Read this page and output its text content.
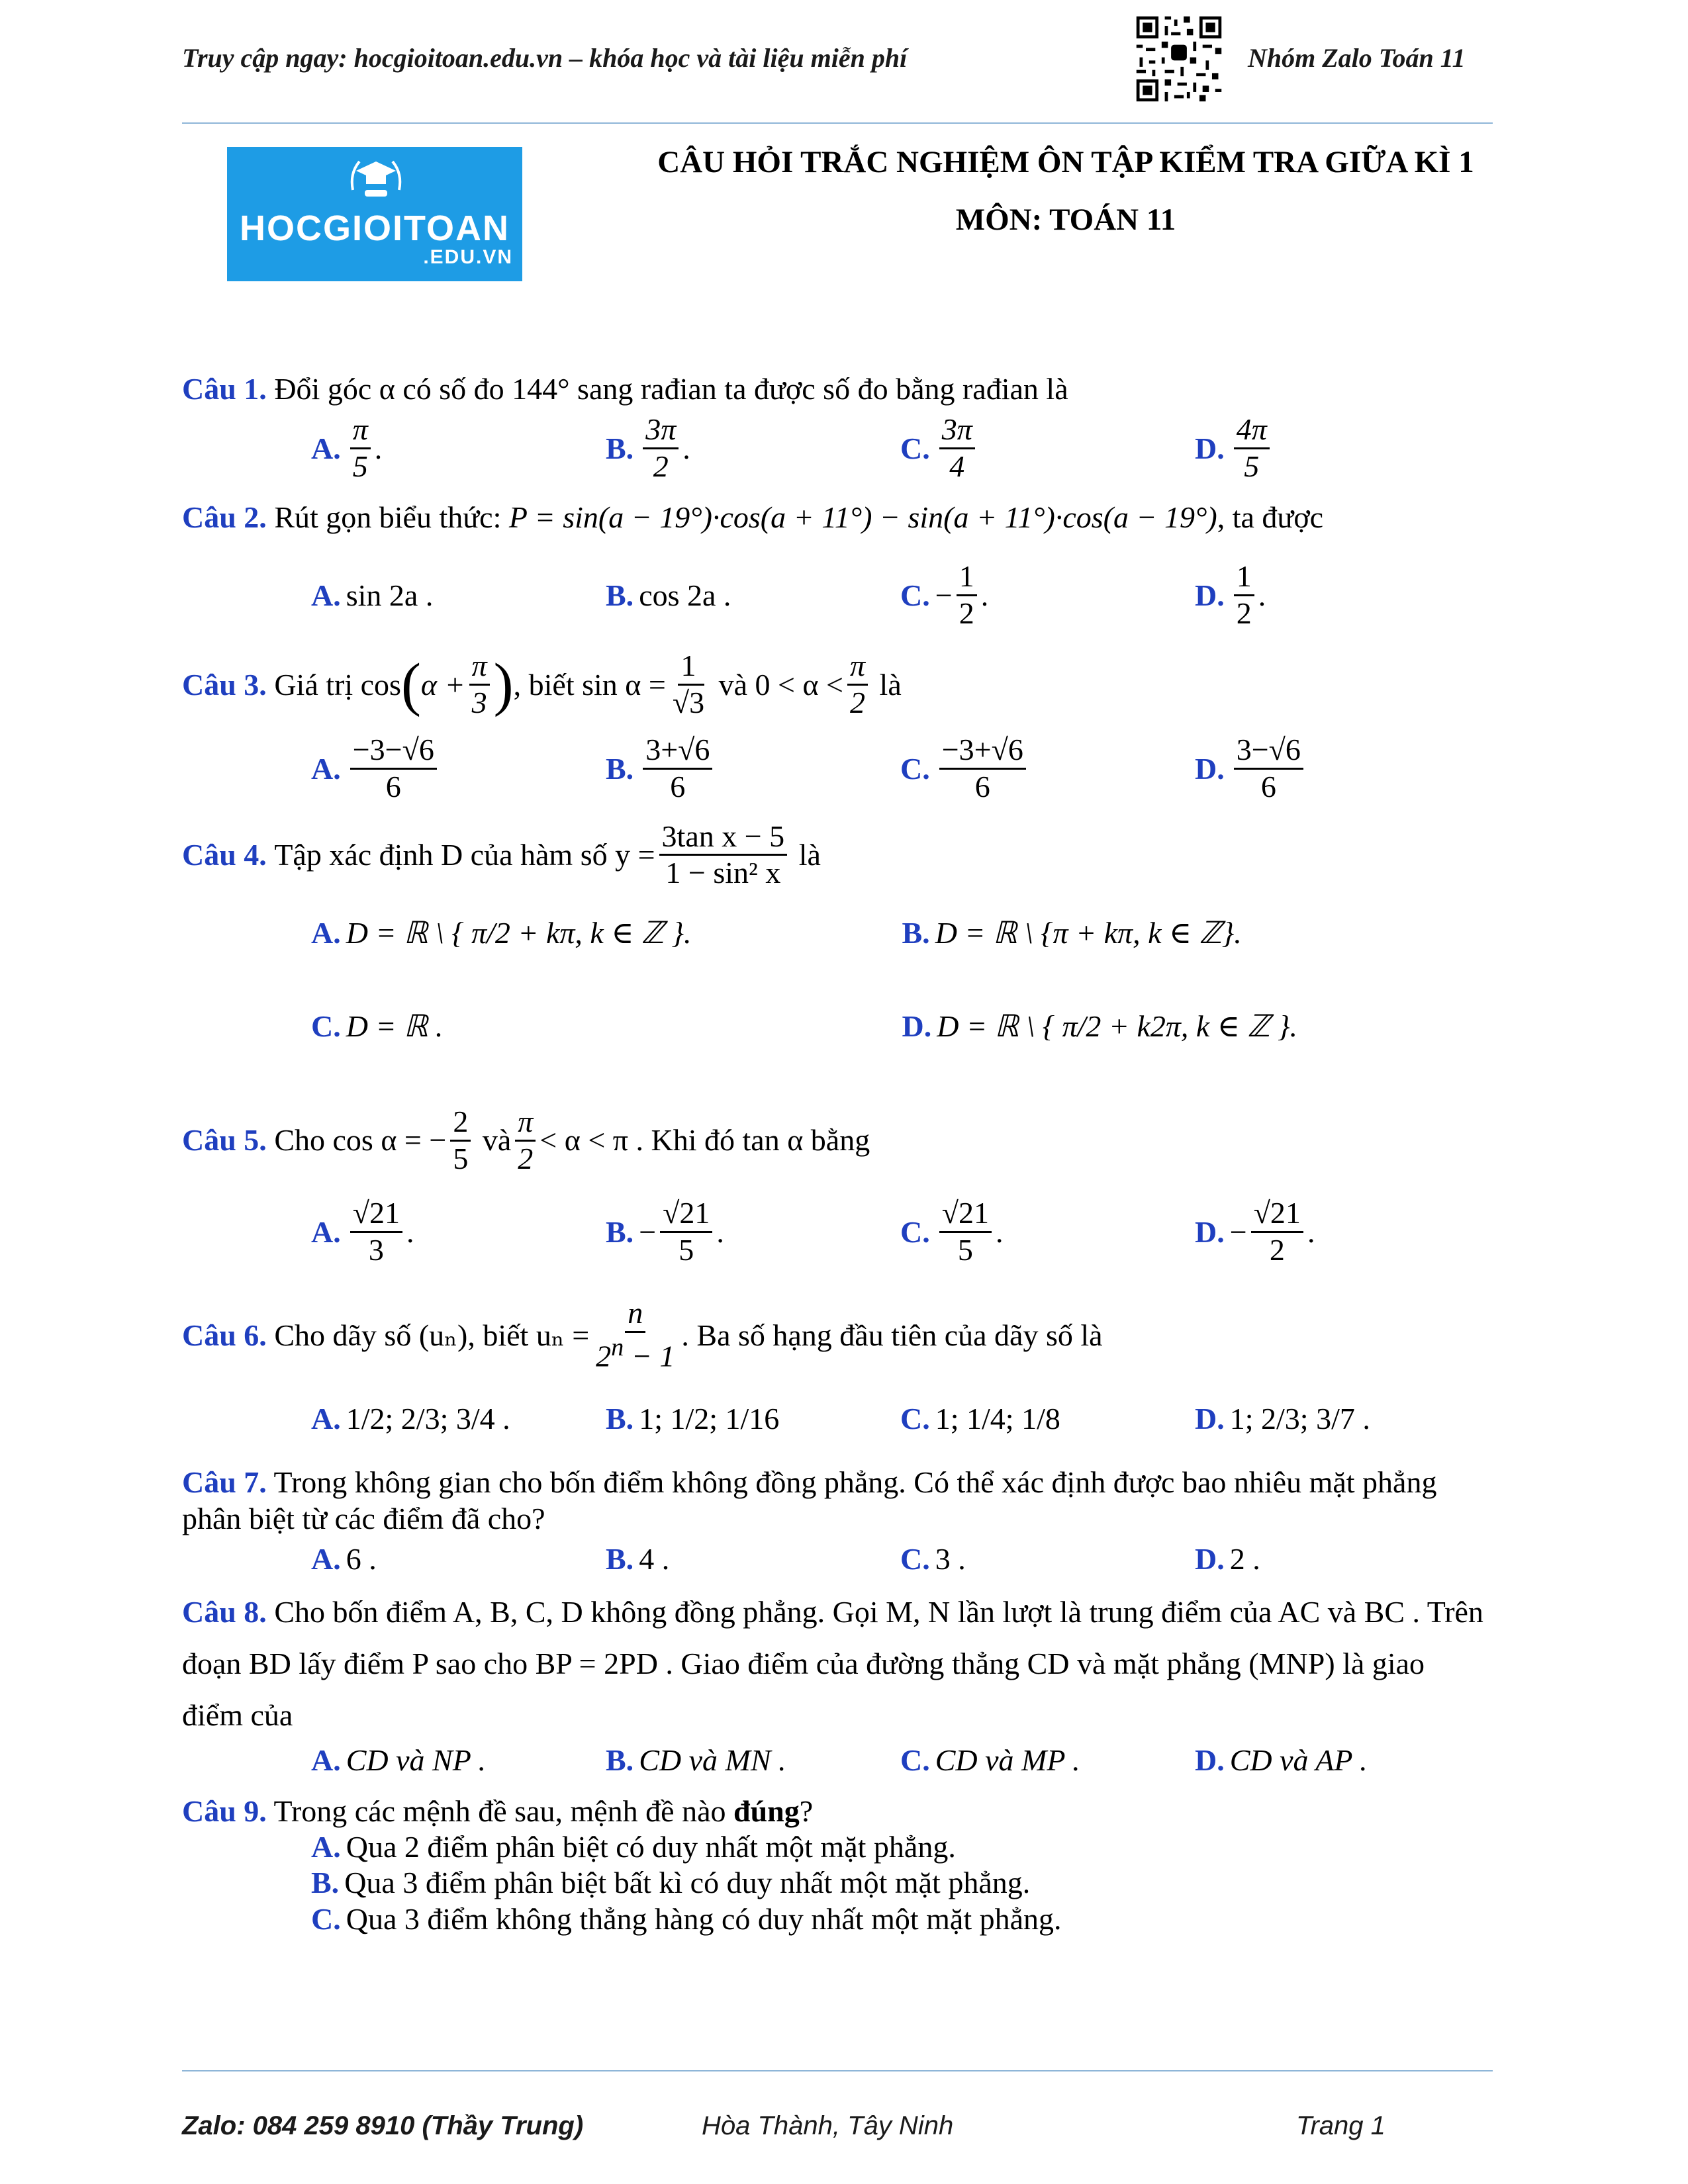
Truy cập ngay: hocgioitoan.edu.vn – khóa học và tài liệu miễn phí	Nhóm Zalo Toán 11
HOCGIOITOAN
.EDU.VN
CÂU HỎI TRẮC NGHIỆM ÔN TẬP KIỂM TRA GIỮA KÌ 1
MÔN: TOÁN 11
Câu 1. Đổi góc α có số đo 144° sang rađian ta được số đo bằng rađian là
A. $\frac{\pi}{5}$ .	B. $\frac{3\pi}{2}$ .	C. $\frac{3\pi}{4}$	D. $\frac{4\pi}{5}$
Câu 2. Rút gọn biểu thức: P = sin(a − 19°)·cos(a + 11°) − sin(a + 11°)·cos(a − 19°), ta được
A. sin 2a .	B. cos 2a .	C. − $\frac{1}{2}$ .	D. $\frac{1}{2}$ .
Câu 3.
Giá trị cos ( $\alpha + \frac{\pi}{3}$ ) , biết $\sin \alpha = \frac{1}{√3}$
và $0 < \alpha < \frac{\pi}{2}$
là
A. $\frac{-3-√6}{6}$	B. $\frac{3+√6}{6}$	C. $\frac{-3+√6}{6}$	D. $\frac{3-√6}{6}$
Câu 4.
Tập xác định D của hàm số $y = \frac{\text{3tan x − 5}}{\text{1 − sin² x}}$
là
A. D = ℝ \ { π/2 + kπ, k ∈ ℤ }.	B. D = ℝ \ {π + kπ, k ∈ ℤ}.
C. D = ℝ .	D. D = ℝ \ { π/2 + k2π, k ∈ ℤ }.
Câu 5.
Cho cos α = − $\frac{2}{5}$
và $\frac{\pi}{2} < \alpha < \pi$ . Khi đó tan α bằng
A. $\frac{√21}{3}$ .	B. − $\frac{√21}{5}$ .	C. $\frac{√21}{5}$ .	D. − $\frac{√21}{2}$ .
Câu 6.
Cho dãy số (uₙ), biết $u_n = \frac{n}{2^n - 1}$ . Ba số hạng đầu tiên của dãy số là
A. 1/2; 2/3; 3/4 .	B. 1; 1/2; 1/16	C. 1; 1/4; 1/8	D. 1; 2/3; 3/7 .
Câu 7. Trong không gian cho bốn điểm không đồng phẳng. Có thể xác định được bao nhiêu mặt phẳng phân biệt từ các điểm đã cho?
A. 6 .	B. 4 .	C. 3 .	D. 2 .
Câu 8. Cho bốn điểm A, B, C, D không đồng phẳng. Gọi M, N lần lượt là trung điểm của AC và BC . Trên đoạn BD lấy điểm P sao cho BP = 2PD . Giao điểm của đường thẳng CD và mặt phẳng (MNP) là giao điểm của
A. CD và NP .	B. CD và MN .	C. CD và MP .	D. CD và AP .
Câu 9. Trong các mệnh đề sau, mệnh đề nào đúng?
A. Qua 2 điểm phân biệt có duy nhất một mặt phẳng.
B. Qua 3 điểm phân biệt bất kì có duy nhất một mặt phẳng.
C. Qua 3 điểm không thẳng hàng có duy nhất một mặt phẳng.
Zalo: 084 259 8910 (Thầy Trung)	Hòa Thành, Tây Ninh	Trang 1
